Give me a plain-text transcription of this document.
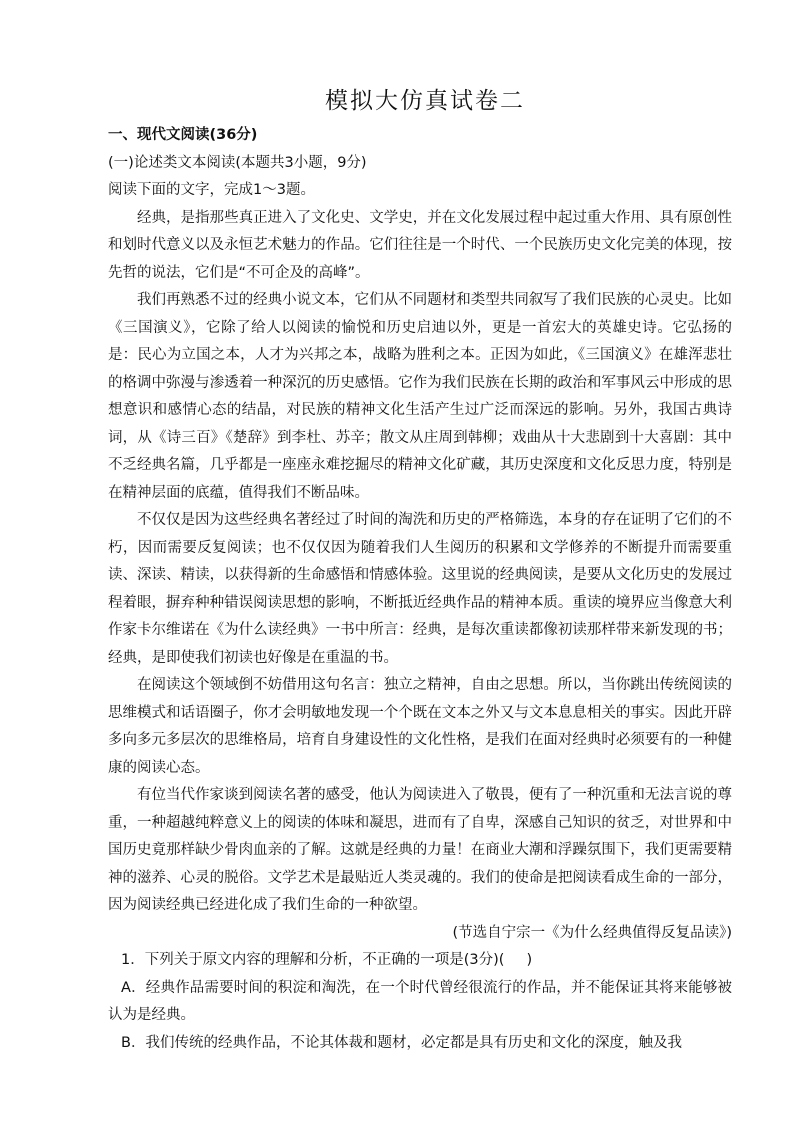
模拟大仿真试卷二

一、现代文阅读(36分)

(一)论述类文本阅读(本题共3小题，9分)

阅读下面的文字，完成1～3题。

经典，是指那些真正进入了文化史、文学史，并在文化发展过程中起过重大作用、具有原创性和划时代意义以及永恒艺术魅力的作品。它们往往是一个时代、一个民族历史文化完美的体现，按先哲的说法，它们是“不可企及的高峰”。

我们再熟悉不过的经典小说文本，它们从不同题材和类型共同叙写了我们民族的心灵史。比如《三国演义》，它除了给人以阅读的愉悦和历史启迪以外，更是一首宏大的英雄史诗。它弘扬的是：民心为立国之本，人才为兴邦之本，战略为胜利之本。正因为如此，《三国演义》在雄浑悲壮的格调中弥漫与渗透着一种深沉的历史感悟。它作为我们民族在长期的政治和军事风云中形成的思想意识和感情心态的结晶，对民族的精神文化生活产生过广泛而深远的影响。另外，我国古典诗词，从《诗三百》《楚辞》到李杜、苏辛；散文从庄周到韩柳；戏曲从十大悲剧到十大喜剧：其中不乏经典名篇，几乎都是一座座永难挖掘尽的精神文化矿藏，其历史深度和文化反思力度，特别是在精神层面的底蕴，值得我们不断品味。

不仅仅是因为这些经典名著经过了时间的淘洗和历史的严格筛选，本身的存在证明了它们的不朽，因而需要反复阅读；也不仅仅因为随着我们人生阅历的积累和文学修养的不断提升而需要重读、深读、精读，以获得新的生命感悟和情感体验。这里说的经典阅读，是要从文化历史的发展过程着眼，摒弃种种错误阅读思想的影响，不断抵近经典作品的精神本质。重读的境界应当像意大利作家卡尔维诺在《为什么读经典》一书中所言：经典，是每次重读都像初读那样带来新发现的书；经典，是即使我们初读也好像是在重温的书。

在阅读这个领域倒不妨借用这句名言：独立之精神，自由之思想。所以，当你跳出传统阅读的思维模式和话语圈子，你才会明敏地发现一个个既在文本之外又与文本息息相关的事实。因此开辟多向多元多层次的思维格局，培育自身建设性的文化性格，是我们在面对经典时必须要有的一种健康的阅读心态。

有位当代作家谈到阅读名著的感受，他认为阅读进入了敬畏，便有了一种沉重和无法言说的尊重，一种超越纯粹意义上的阅读的体味和凝思，进而有了自卑，深感自己知识的贫乏，对世界和中国历史竟那样缺少骨肉血亲的了解。这就是经典的力量！在商业大潮和浮躁氛围下，我们更需要精神的滋养、心灵的脱俗。文学艺术是最贴近人类灵魂的。我们的使命是把阅读看成生命的一部分，因为阅读经典已经进化成了我们生命的一种欲望。

(节选自宁宗一《为什么经典值得反复品读》)

1．下列关于原文内容的理解和分析，不正确的一项是(3分)( )

A．经典作品需要时间的积淀和淘洗，在一个时代曾经很流行的作品，并不能保证其将来能够被认为是经典。

B．我们传统的经典作品，不论其体裁和题材，必定都是具有历史和文化的深度，触及我
